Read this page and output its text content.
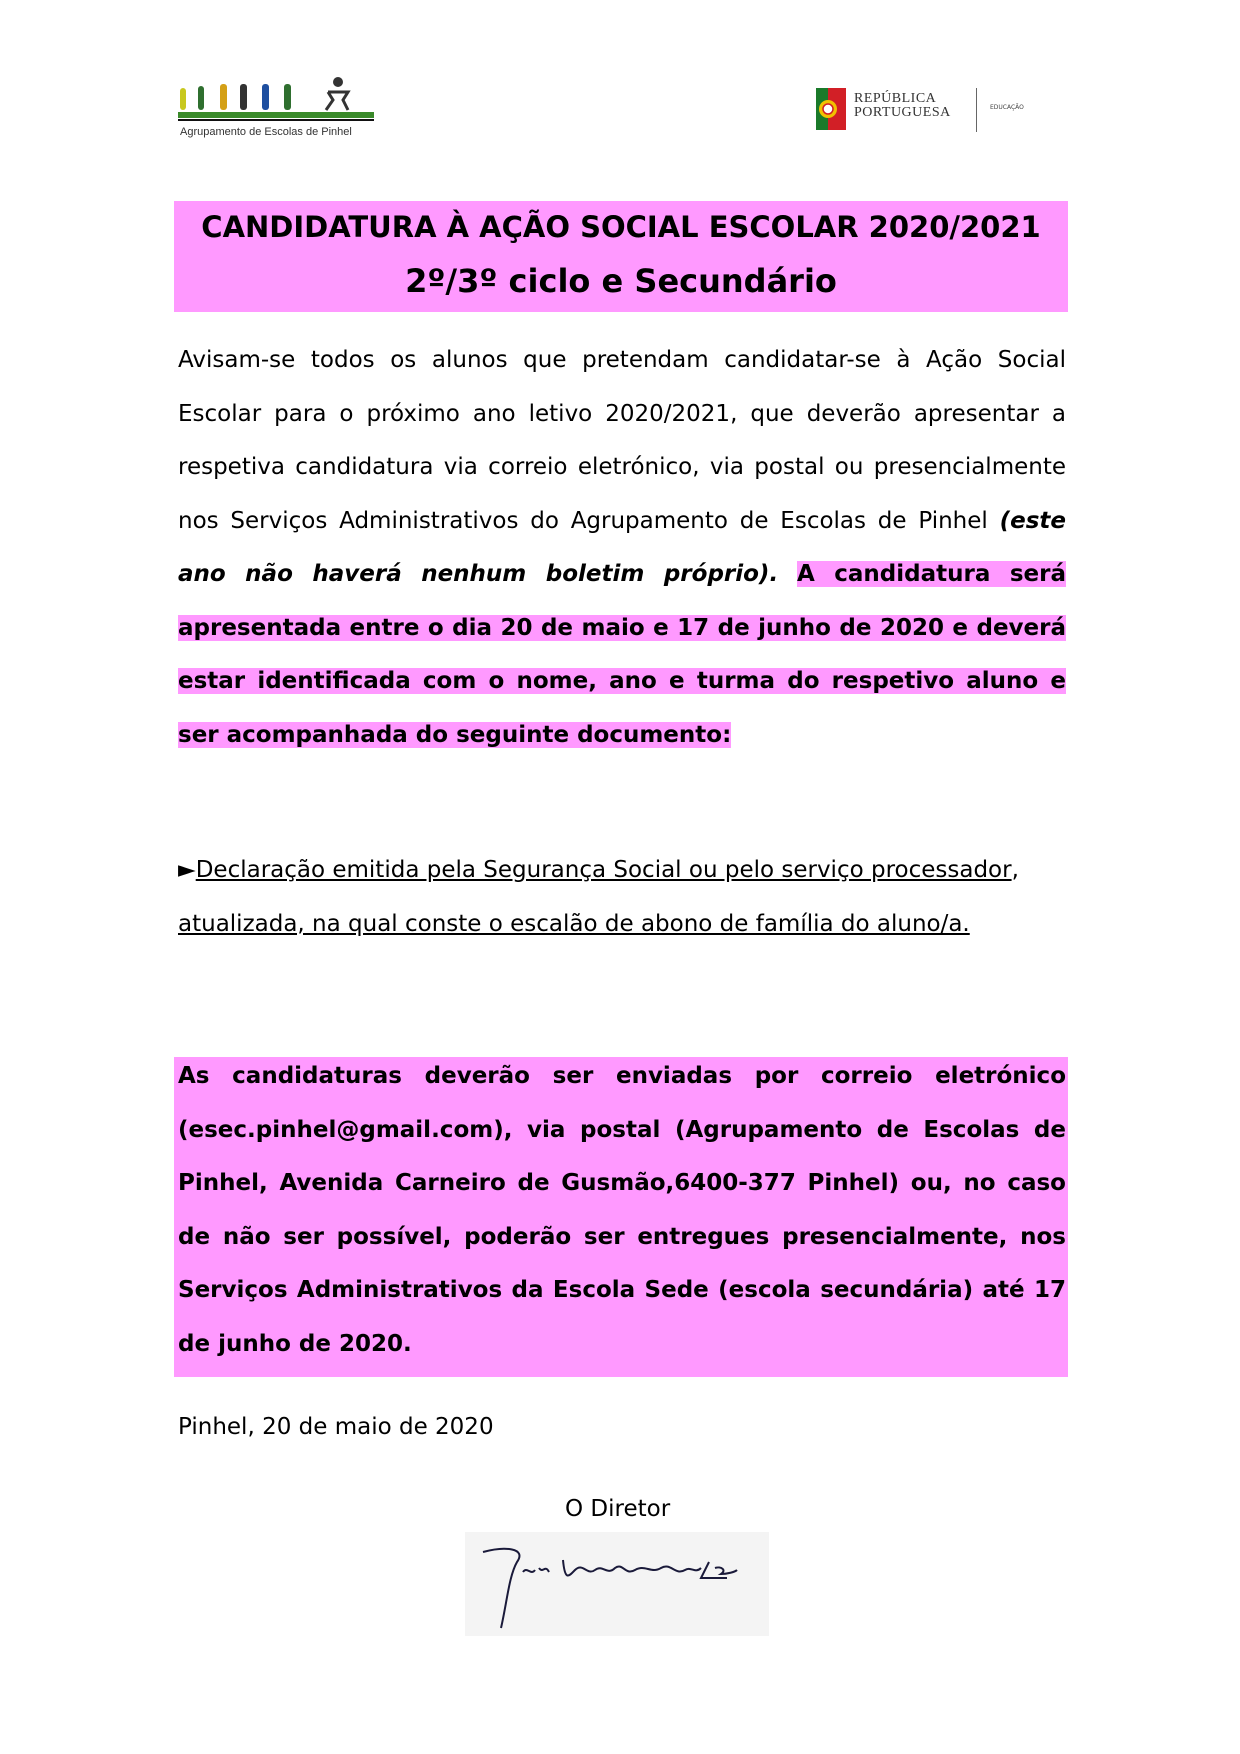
Agrupamento de Escolas de Pinhel
REPÚBLICA
PORTUGUESA	EDUCAÇÃO
CANDIDATURA À AÇÃO SOCIAL ESCOLAR 2020/2021
2º/3º ciclo e Secundário
Avisam-se todos os alunos que pretendam candidatar-se à Ação Social Escolar para o próximo ano letivo 2020/2021, que deverão apresentar a respetiva candidatura via correio eletrónico, via postal ou presencialmente nos Serviços Administrativos do Agrupamento de Escolas de Pinhel (este ano não haverá nenhum boletim próprio). A candidatura será apresentada entre o dia 20 de maio e 17 de junho de 2020 e deverá estar identificada com o nome, ano e turma do respetivo aluno e ser acompanhada do seguinte documento:
►Declaração emitida pela Segurança Social ou pelo serviço processador,
atualizada, na qual conste o escalão de abono de família do aluno/a.
As candidaturas deverão ser enviadas por correio eletrónico (esec.pinhel@gmail.com), via postal (Agrupamento de Escolas de Pinhel, Avenida Carneiro de Gusmão,6400-377 Pinhel) ou, no caso de não ser possível, poderão ser entregues presencialmente, nos Serviços Administrativos da Escola Sede (escola secundária) até 17 de junho de 2020.
Pinhel, 20 de maio de 2020
O Diretor
